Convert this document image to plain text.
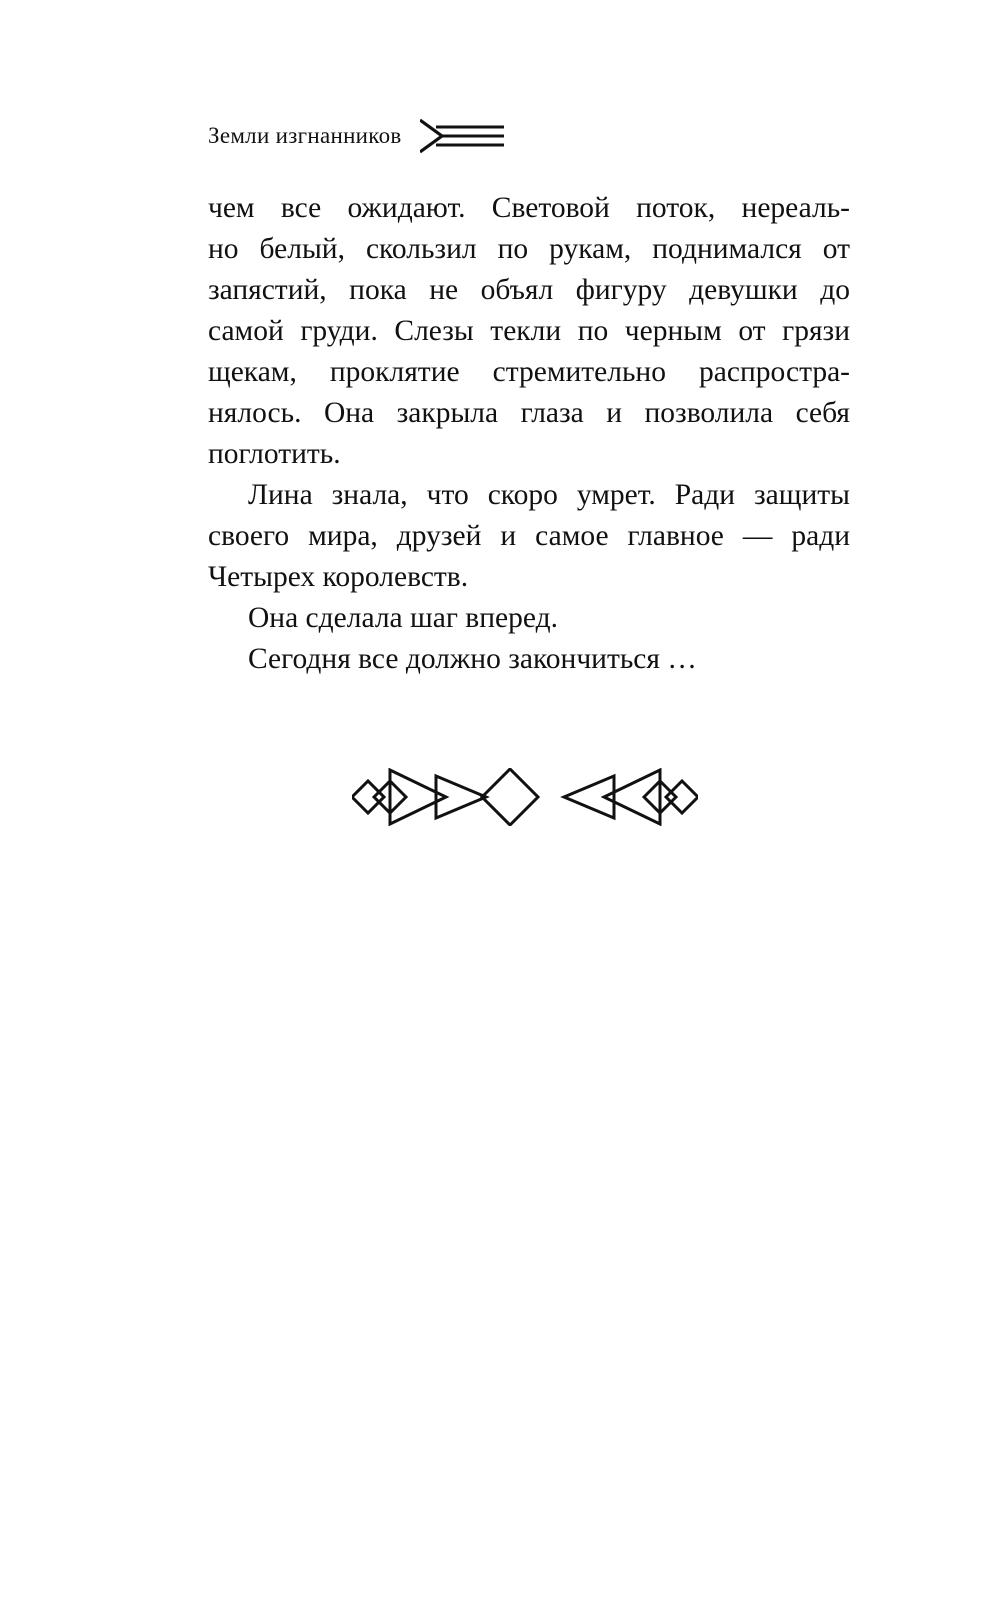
Земли изгнанников
чем все ожидают. Световой поток, нереаль-
но белый, скользил по рукам, поднимался от
запястий, пока не объял фигуру девушки до
самой груди. Слезы текли по черным от грязи
щекам, проклятие стремительно распростра-
нялось. Она закрыла глаза и позволила себя
поглотить.
Лина знала, что скоро умрет. Ради защиты
своего мира, друзей и самое главное — ради
Четырех королевств.
Она сделала шаг вперед.
Сегодня все должно закончиться …
